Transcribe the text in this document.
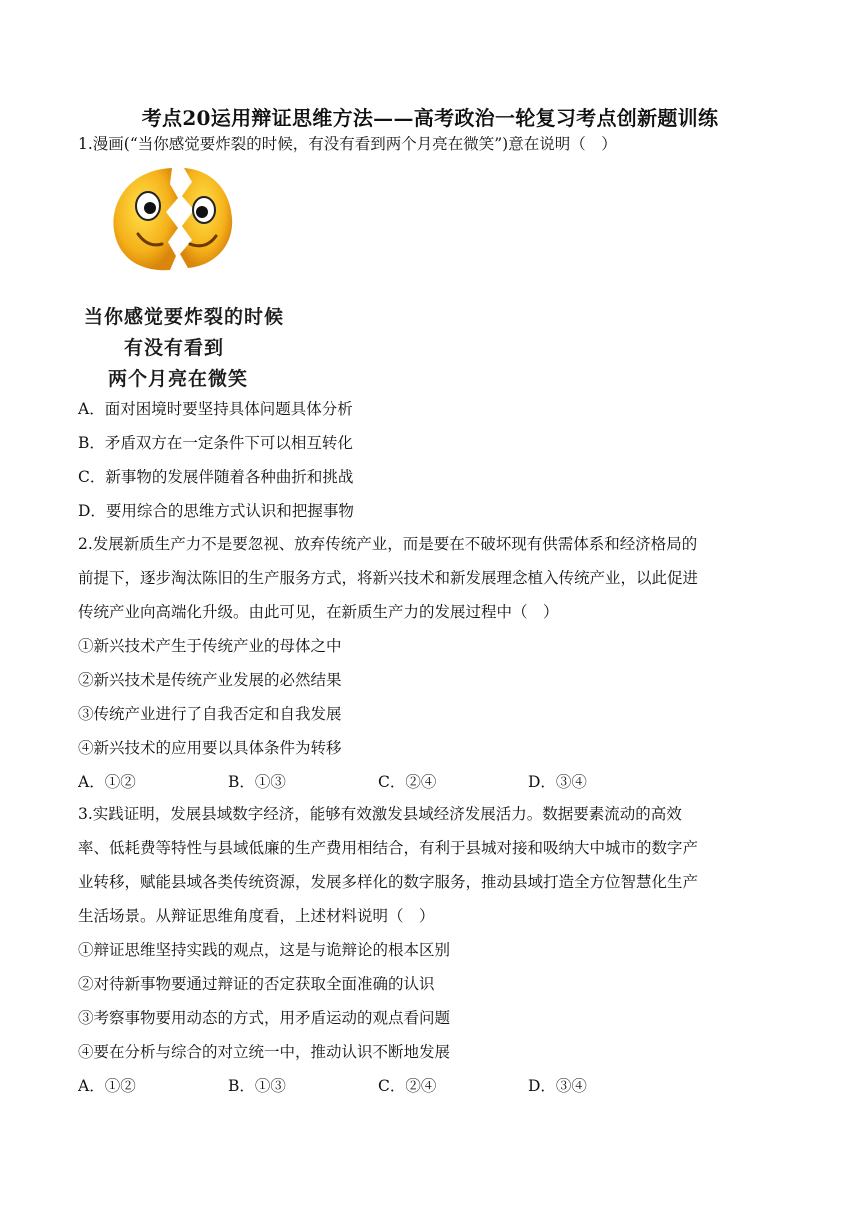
考点20运用辩证思维方法——高考政治一轮复习考点创新题训练
1.漫画(“当你感觉要炸裂的时候，有没有看到两个月亮在微笑”)意在说明（　）
当你感觉要炸裂的时候
有没有看到
两个月亮在微笑
A．面对困境时要坚持具体问题具体分析
B．矛盾双方在一定条件下可以相互转化
C．新事物的发展伴随着各种曲折和挑战
D．要用综合的思维方式认识和把握事物
2.发展新质生产力不是要忽视、放弃传统产业，而是要在不破坏现有供需体系和经济格局的
前提下，逐步淘汰陈旧的生产服务方式，将新兴技术和新发展理念植入传统产业，以此促进
传统产业向高端化升级。由此可见，在新质生产力的发展过程中（　）
①新兴技术产生于传统产业的母体之中
②新兴技术是传统产业发展的必然结果
③传统产业进行了自我否定和自我发展
④新兴技术的应用要以具体条件为转移
A．①②	B．①③	C．②④	D．③④
3.实践证明，发展县域数字经济，能够有效激发县域经济发展活力。数据要素流动的高效
率、低耗费等特性与县域低廉的生产费用相结合，有利于县城对接和吸纳大中城市的数字产
业转移，赋能县域各类传统资源，发展多样化的数字服务，推动县域打造全方位智慧化生产
生活场景。从辩证思维角度看，上述材料说明（　）
①辩证思维坚持实践的观点，这是与诡辩论的根本区别
②对待新事物要通过辩证的否定获取全面准确的认识
③考察事物要用动态的方式，用矛盾运动的观点看问题
④要在分析与综合的对立统一中，推动认识不断地发展
A．①②	B．①③	C．②④	D．③④
